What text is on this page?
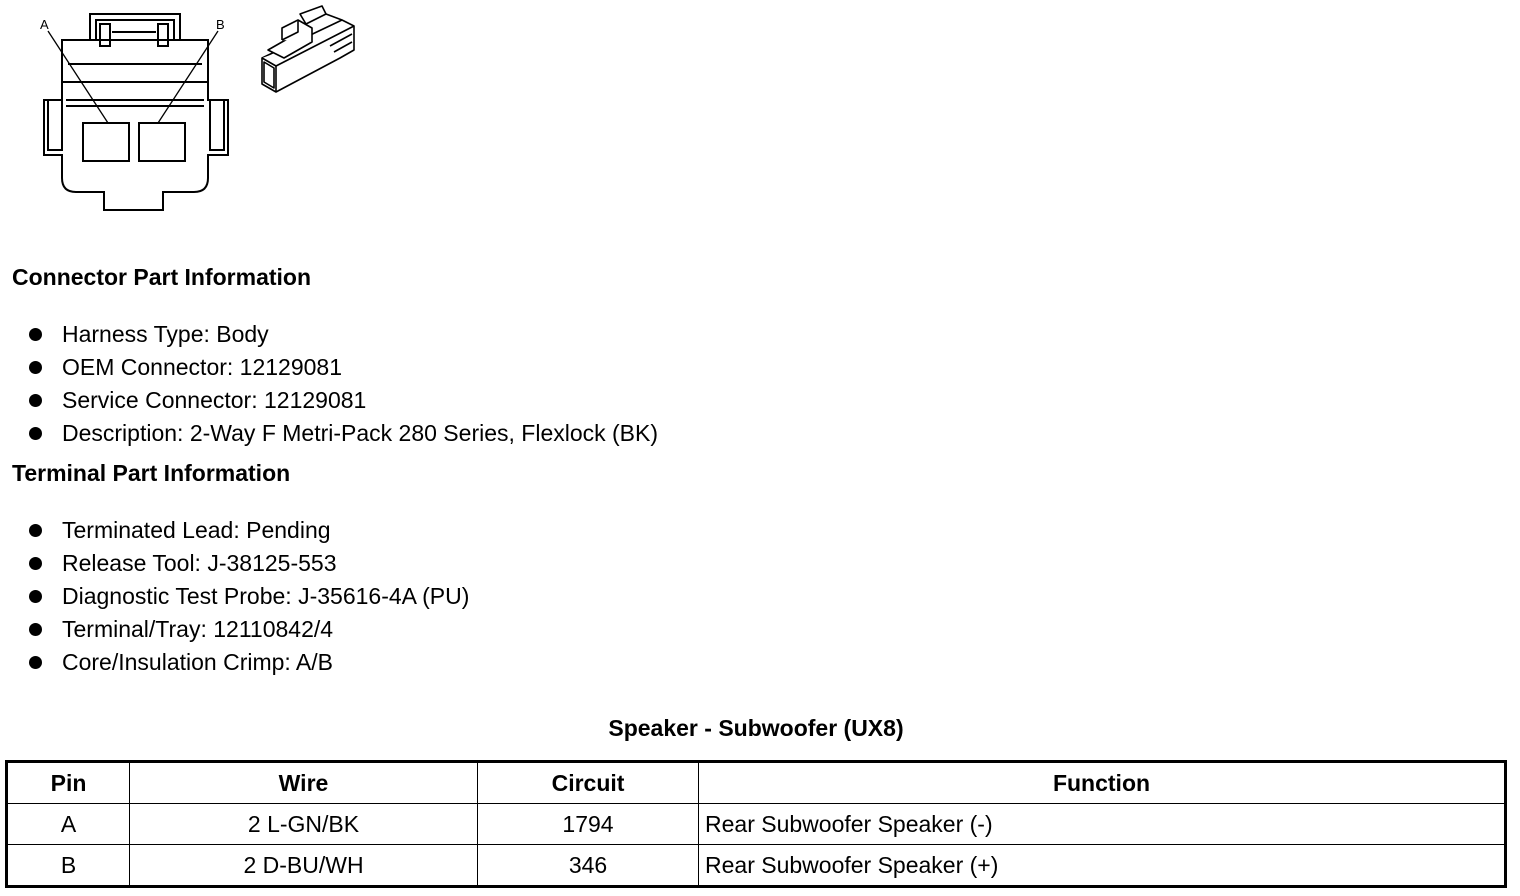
A	B
Connector Part Information
Harness Type: Body
OEM Connector: 12129081
Service Connector: 12129081
Description: 2-Way F Metri-Pack 280 Series, Flexlock (BK)
Terminal Part Information
Terminated Lead: Pending
Release Tool: J-38125-553
Diagnostic Test Probe: J-35616-4A (PU)
Terminal/Tray: 12110842/4
Core/Insulation Crimp: A/B
Speaker - Subwoofer (UX8)
Pin	Wire	Circuit	Function
A	2 L-GN/BK	1794	Rear Subwoofer Speaker (-)
B	2 D-BU/WH	346	Rear Subwoofer Speaker (+)
